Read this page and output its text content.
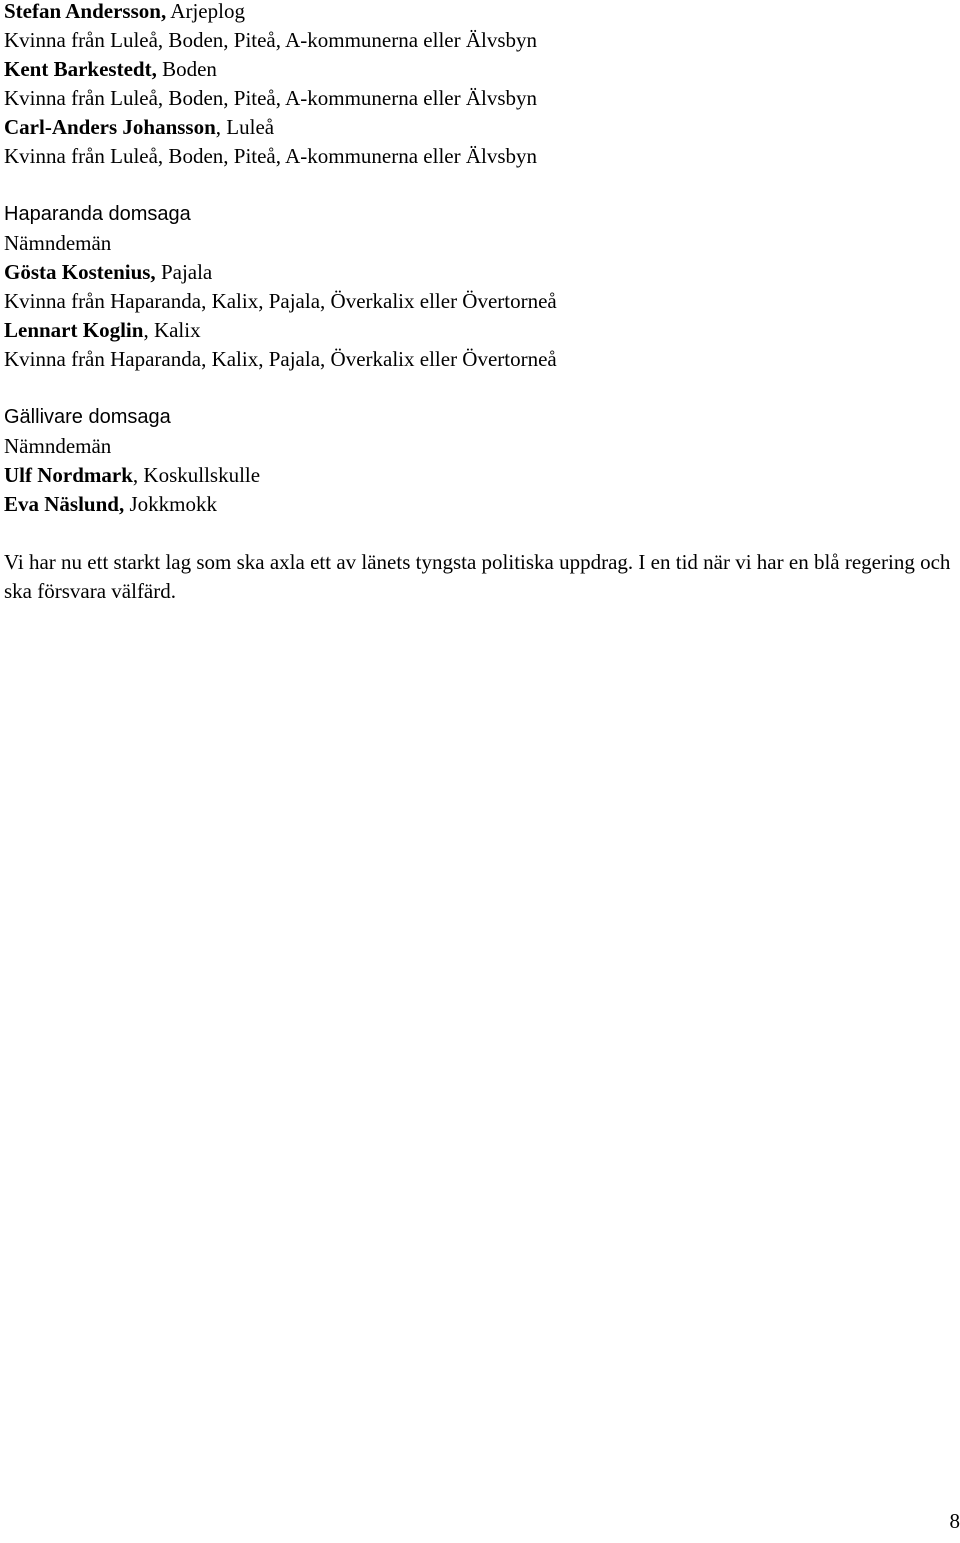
Stefan Andersson, Arjeplog

Kvinna från Luleå, Boden, Piteå, A-kommunerna eller Älvsbyn

Kent Barkestedt, Boden

Kvinna från Luleå, Boden, Piteå, A-kommunerna eller Älvsbyn

Carl-Anders Johansson, Luleå

Kvinna från Luleå, Boden, Piteå, A-kommunerna eller Älvsbyn

Haparanda domsaga

Nämndemän

Gösta Kostenius, Pajala

Kvinna från Haparanda, Kalix, Pajala, Överkalix eller Övertorneå

Lennart Koglin, Kalix

Kvinna från Haparanda, Kalix, Pajala, Överkalix eller Övertorneå

Gällivare domsaga

Nämndemän

Ulf Nordmark, Koskullskulle

Eva Näslund, Jokkmokk

Vi har nu ett starkt lag som ska axla ett av länets tyngsta politiska uppdrag. I en tid när vi har en blå regering och ska försvara välfärd.

8
